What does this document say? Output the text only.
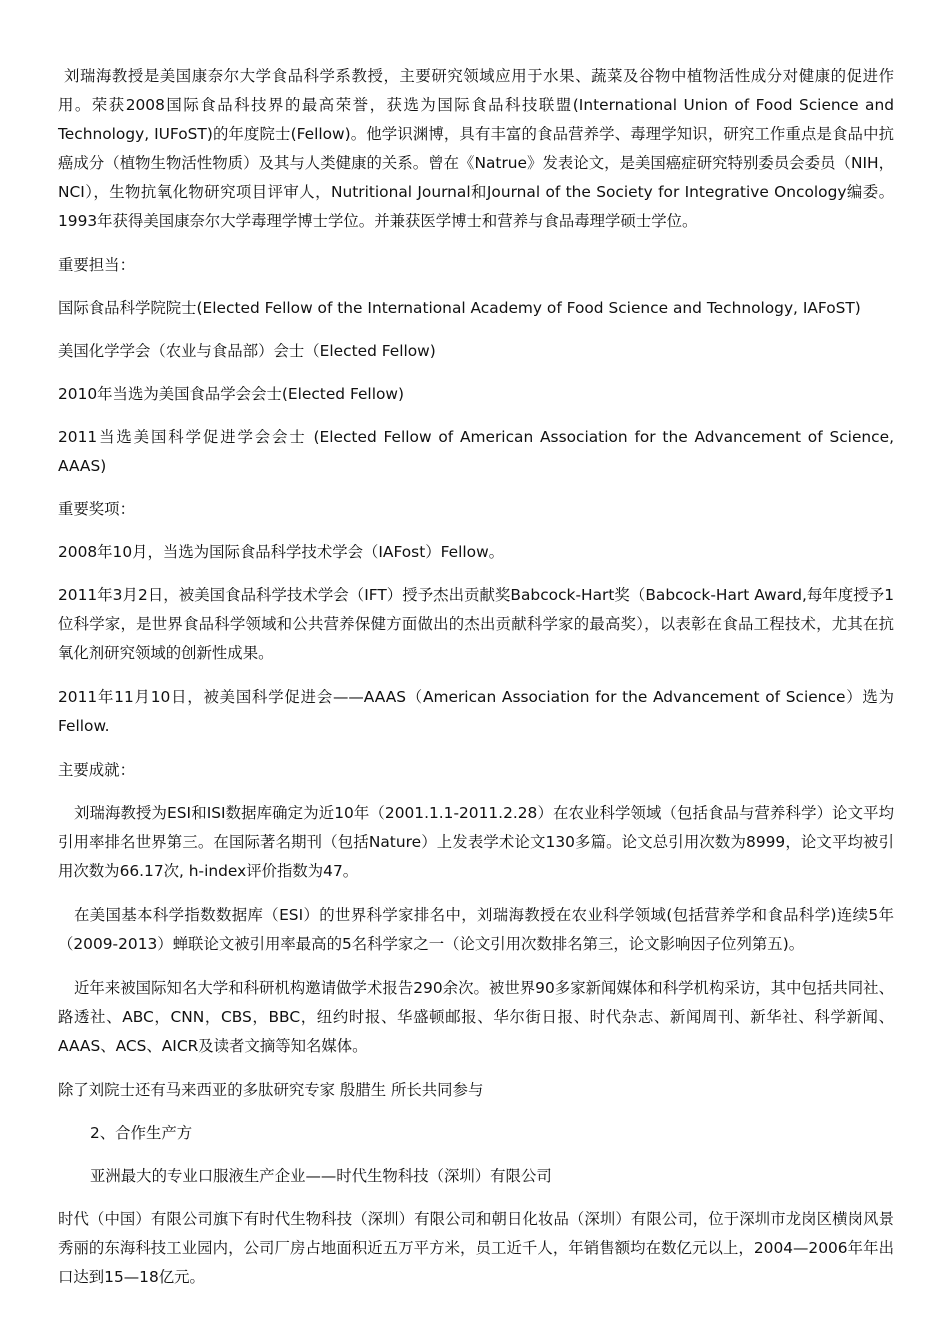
刘瑞海教授是美国康奈尔大学食品科学系教授，主要研究领域应用于水果、蔬菜及谷物中植物活性成分对健康的促进作用。荣获2008国际食品科技界的最高荣誉，获选为国际食品科技联盟(International Union of Food Science and Technology, IUFoST)的年度院士(Fellow)。他学识渊博，具有丰富的食品营养学、毒理学知识，研究工作重点是食品中抗癌成分（植物生物活性物质）及其与人类健康的关系。曾在《Natrue》发表论文，是美国癌症研究特别委员会委员（NIH，NCI），生物抗氧化物研究项目评审人，Nutritional Journal和Journal of the Society for Integrative Oncology编委。1993年获得美国康奈尔大学毒理学博士学位。并兼获医学博士和营养与食品毒理学硕士学位。

重要担当：

国际食品科学院院士(Elected Fellow of the International Academy of Food Science and Technology, IAFoST)

美国化学学会（农业与食品部）会士（Elected Fellow)

2010年当选为美国食品学会会士(Elected Fellow)

2011当选美国科学促进学会会士 (Elected Fellow of American Association for the Advancement of Science, AAAS)

重要奖项：

2008年10月，当选为国际食品科学技术学会（IAFost）Fellow。

2011年3月2日，被美国食品科学技术学会（IFT）授予杰出贡献奖Babcock-Hart奖（Babcock-Hart Award,每年度授予1位科学家，是世界食品科学领域和公共营养保健方面做出的杰出贡献科学家的最高奖），以表彰在食品工程技术，尤其在抗氧化剂研究领域的创新性成果。

2011年11月10日，被美国科学促进会——AAAS（American Association for the Advancement of Science）选为Fellow.

主要成就：

刘瑞海教授为ESI和ISI数据库确定为近10年（2001.1.1-2011.2.28）在农业科学领域（包括食品与营养科学）论文平均引用率排名世界第三。在国际著名期刊（包括Nature）上发表学术论文130多篇。论文总引用次数为8999，论文平均被引用次数为66.17次, h-index评价指数为47。

在美国基本科学指数数据库（ESI）的世界科学家排名中，刘瑞海教授在农业科学领域(包括营养学和食品科学)连续5年（2009-2013）蝉联论文被引用率最高的5名科学家之一（论文引用次数排名第三，论文影响因子位列第五)。

近年来被国际知名大学和科研机构邀请做学术报告290余次。被世界90多家新闻媒体和科学机构采访，其中包括共同社、路透社、ABC，CNN，CBS，BBC，纽约时报、华盛顿邮报、华尔街日报、时代杂志、新闻周刊、新华社、科学新闻、AAAS、ACS、AICR及读者文摘等知名媒体。

除了刘院士还有马来西亚的多肽研究专家 殷腊生 所长共同参与

2、合作生产方

亚洲最大的专业口服液生产企业——时代生物科技（深圳）有限公司

时代（中国）有限公司旗下有时代生物科技（深圳）有限公司和朝日化妆品（深圳）有限公司，位于深圳市龙岗区横岗风景秀丽的东海科技工业园内，公司厂房占地面积近五万平方米，员工近千人，年销售额均在数亿元以上，2004—2006年年出口达到15—18亿元。
